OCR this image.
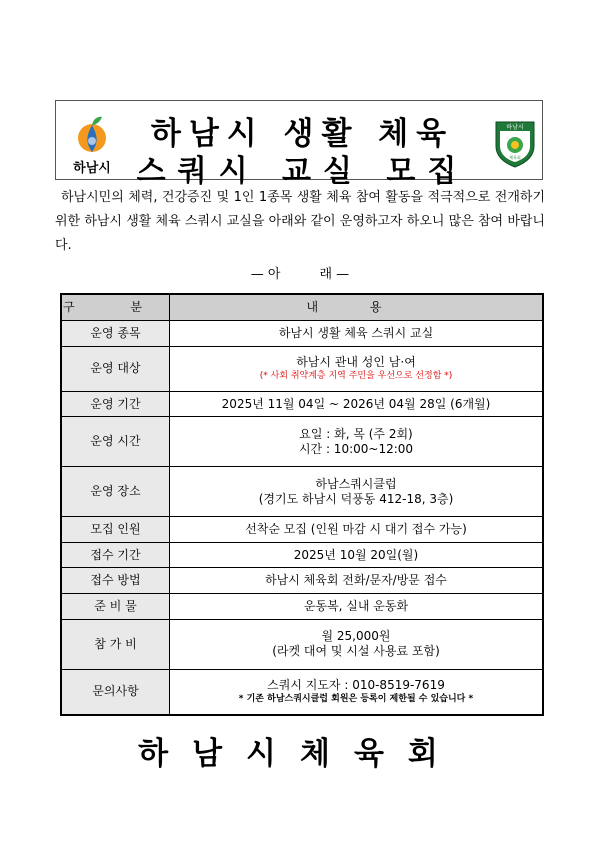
하남시
하남시 생활 체육
스쿼시 교실 모집
하남시
체육회
하남시민의 체력, 건강증진 및 1인 1종목 생활 체육 참여 활동을 적극적으로 전개하기 위한 하남시 생활 체육 스쿼시 교실을 아래와 같이 운영하고자 하오니 많은 참여 바랍니다.
— 아　　　래 —
구 분	내 용
운영 종목	하남시 생활 체육 스쿼시 교실
운영 대상	하남시 관내 성인 남·여
(* 사회 취약계층 지역 주민을 우선으로 선정함 *)

운영 기간	2025년 11월 04일 ~ 2026년 04월 28일 (6개월)
운영 시간	요일 : 화, 목 (주 2회)
시간 : 10:00~12:00
운영 장소	하남스쿼시클럽
(경기도 하남시 덕풍동 412-18, 3층)
모집 인원	선착순 모집 (인원 마감 시 대기 접수 가능)
접수 기간	2025년 10월 20일(월)
접수 방법	하남시 체육회 전화/문자/방문 접수
준 비 물	운동복, 실내 운동화
참 가 비	월 25,000원
(라켓 대여 및 시설 사용료 포함)
문의사항	스쿼시 지도자 : 010-8519-7619
* 기존 하남스쿼시클럽 회원은 등록이 제한될 수 있습니다 *
하남시체육회
